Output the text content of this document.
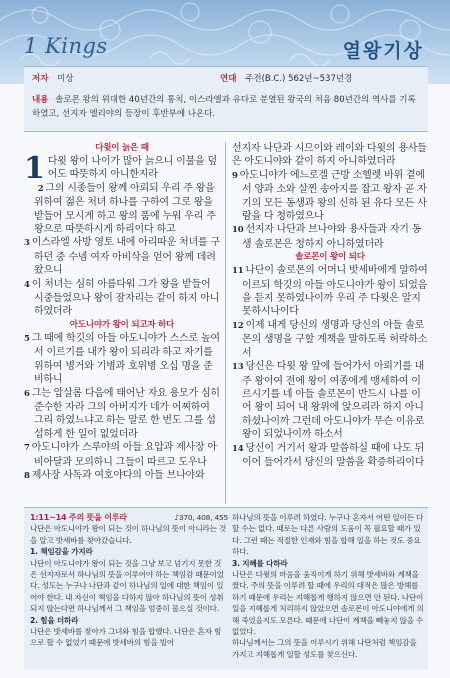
1 Kings	열왕기상
저자 미상	연대 주전(B.C.) 562년~537년경
내용 솔로몬 왕의 위대한 40년간의 통치, 이스라엘과 유다로 분열된 왕국의 처음 80년간의 역사를 기록하였고, 선지자 엘리야의 등장이 후반부에 나온다.
다윗이 늙은 때
1 다윗 왕이 나이가 많아 늙으니 이불을 덮어도 따뜻하지 아니한지라
2 그의 시종들이 왕께 아뢰되 우리 주 왕을 위하여 젊은 처녀 하나를 구하여 그로 왕을 받들어 모시게 하고 왕의 품에 누워 우리 주 왕으로 따뜻하시게 하리이다 하고
3 이스라엘 사방 영토 내에 아리따운 처녀를 구하던 중 수넴 여자 아비삭을 얻어 왕께 데려왔으니
4 이 처녀는 심히 아름다워 그가 왕을 받들어 시중들었으나 왕이 잠자리는 같이 하지 아니하였더라
아도니야가 왕이 되고자 하다
5 그 때에 학깃의 아들 아도니야가 스스로 높여서 이르기를 내가 왕이 되리라 하고 자기를 위하여 병거와 기병과 호위병 오십 명을 준비하니
6 그는 압살롬 다음에 태어난 자요 용모가 심히 준수한 자라 그의 아버지가 네가 어찌하여 그리 하였느냐고 하는 말로 한 번도 그를 섭섭하게 한 일이 없었더라
7 아도니야가 스루야의 아들 요압과 제사장 아비아달과 모의하니 그들이 따르고 도우나
8 제사장 사독과 여호야다의 아들 브나야와
선지자 나단과 시므이와 레이와 다윗의 용사들은 아도니야와 같이 하지 아니하였더라
9 아도니야가 에느로겔 근방 소헬렛 바위 곁에서 양과 소와 살찐 송아지를 잡고 왕자 곧 자기의 모든 동생과 왕의 신하 된 유다 모든 사람을 다 청하였으나
10 선지자 나단과 브나야와 용사들과 자기 동생 솔로몬은 청하지 아니하였더라
솔로몬이 왕이 되다
11 나단이 솔로몬의 어머니 밧세바에게 말하여 이르되 학깃의 아들 아도니야가 왕이 되었음을 듣지 못하였나이까 우리 주 다윗은 알지 못하시나이다
12 이제 내게 당신의 생명과 당신의 아들 솔로몬의 생명을 구할 계책을 말하도록 허락하소서
13 당신은 다윗 왕 앞에 들어가서 아뢰기를 내 주 왕이여 전에 왕이 여종에게 맹세하여 이르시기를 네 아들 솔로몬이 반드시 나를 이어 왕이 되어 내 왕위에 앉으리라 하지 아니하셨나이까 그런데 아도니야가 무슨 이유로 왕이 되었나이까 하소서
14 당신이 거기서 왕과 말씀하실 때에 나도 뒤이어 들어가서 당신의 말씀을 확증하리이다
1:11~14 주의 뜻을 이루라	♪370, 408, 455
나단은 아도니야가 왕이 되는 것이 하나님의 뜻이 아니라는 것을 알고 밧세바를 찾아갔습니다.
1. 책임감을 가지라
나단이 아도니야가 왕이 되는 것을 그냥 보고 넘기지 못한 것은 선지자로서 하나님의 뜻을 이루어야 하는 책임감 때문이었다. 성도는 누구나 나단과 같이 하나님의 일에 대한 책임이 있어야 한다. 내 자신이 책임을 다하지 않아 하나님의 뜻이 성취되지 않는다면 하나님께서 그 책임을 엄중히 물으실 것이다.
2. 힘을 더하라
나단은 밧세바를 찾아가 그녀와 힘을 합했다. 나단은 혼자 힘으로 할 수 없었기 때문에 밧세바의 힘을 빌어
하나님의 뜻을 이루려 하였다. 누구나 혼자서 어떤 일이든 다 할 수는 없다. 때로는 다른 사람의 도움이 꼭 필요할 때가 있다. 그런 때는 적절한 인재와 힘을 합해 일을 하는 것도 중요하다.
3. 지혜를 다하라
나단은 다윗의 마음을 움직이게 하기 위해 밧세바와 계책을 짰다. 주의 뜻을 이루려 할 때에 우리의 대적은 많은 방해를 하기 때문에 우리는 지혜롭게 행하지 않으면 안 된다. 나단이 일을 지혜롭게 처리하지 않았으면 솔로몬이 아도니야에게 의해 죽었을지도 모른다. 때문에 나단이 계책을 빼놓지 않을 수 없었다.
하나님께서는 그의 뜻을 이루시기 위해 나단처럼 책임감을 가지고 지혜롭게 일할 성도를 찾으신다.
